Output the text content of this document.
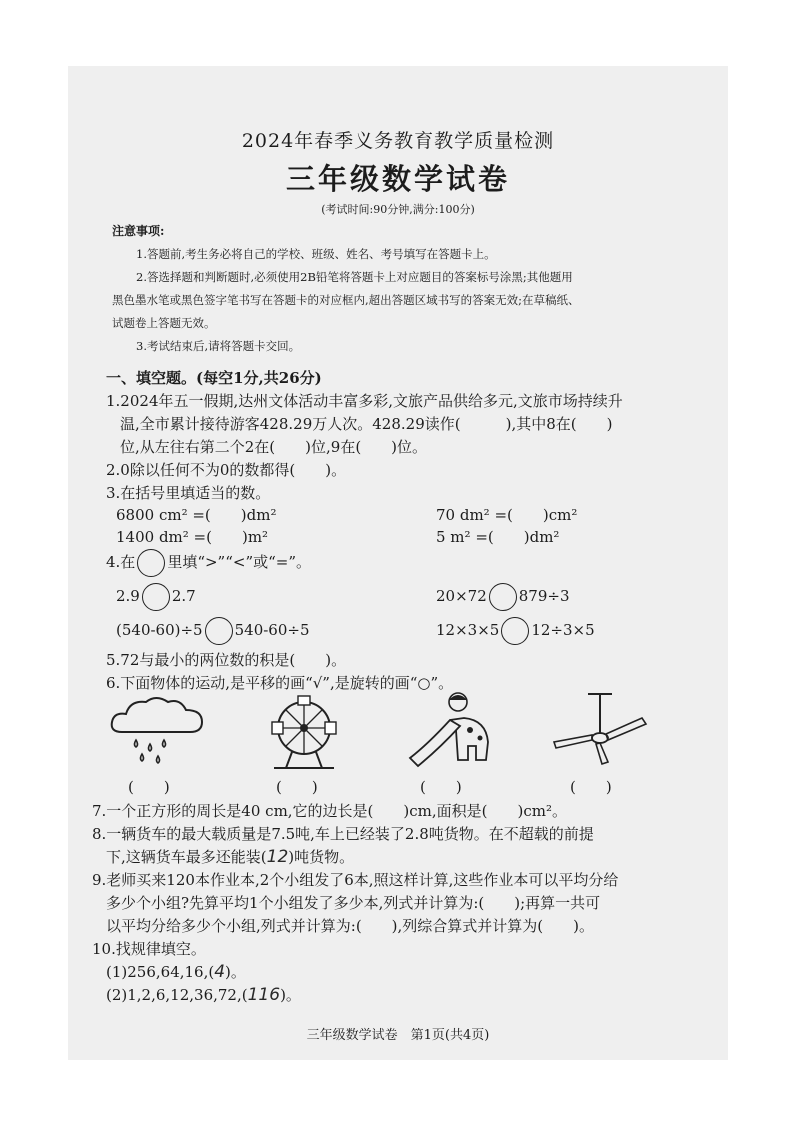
2024年春季义务教育教学质量检测
三年级数学试卷
(考试时间:90分钟,满分:100分)
注意事项:
1.答题前,考生务必将自己的学校、班级、姓名、考号填写在答题卡上。
2.答选择题和判断题时,必须使用2B铅笔将答题卡上对应题目的答案标号涂黑;其他题用
黑色墨水笔或黑色签字笔书写在答题卡的对应框内,超出答题区域书写的答案无效;在草稿纸、
试题卷上答题无效。
3.考试结束后,请将答题卡交回。
一、填空题。(每空1分,共26分)
1.2024年五一假期,达州文体活动丰富多彩,文旅产品供给多元,文旅市场持续升
温,全市累计接待游客428.29万人次。428.29读作(　　　),其中8在(　　)
位,从左往右第二个2在(　　)位,9在(　　)位。
2.0除以任何不为0的数都得(　　)。
3.在括号里填适当的数。
6800 cm² =(　　)dm²	70 dm² =(　　)cm²
1400 dm² =(　　)m²	5 m² =(　　)dm²
4.在 里填“>”“<”或“=”。
2.9 2.7	20×72 879÷3
(540-60)÷5 540-60÷5	12×3×5 12÷3×5
5.72与最小的两位数的积是(　　)。
6.下面物体的运动,是平移的画“√”,是旋转的画“○”。
(　　)	(　　)	(　　)	(　　)
7.一个正方形的周长是40 cm,它的边长是(　　)cm,面积是(　　)cm²。
8.一辆货车的最大载质量是7.5吨,车上已经装了2.8吨货物。在不超载的前提
下,这辆货车最多还能装(12)吨货物。
9.老师买来120本作业本,2个小组发了6本,照这样计算,这些作业本可以平均分给
多少个小组?先算平均1个小组发了多少本,列式并计算为:(　　);再算一共可
以平均分给多少个小组,列式并计算为:(　　),列综合算式并计算为(　　)。
10.找规律填空。
(1)256,64,16,(4)。
(2)1,2,6,12,36,72,(116)。
三年级数学试卷　第1页(共4页)
